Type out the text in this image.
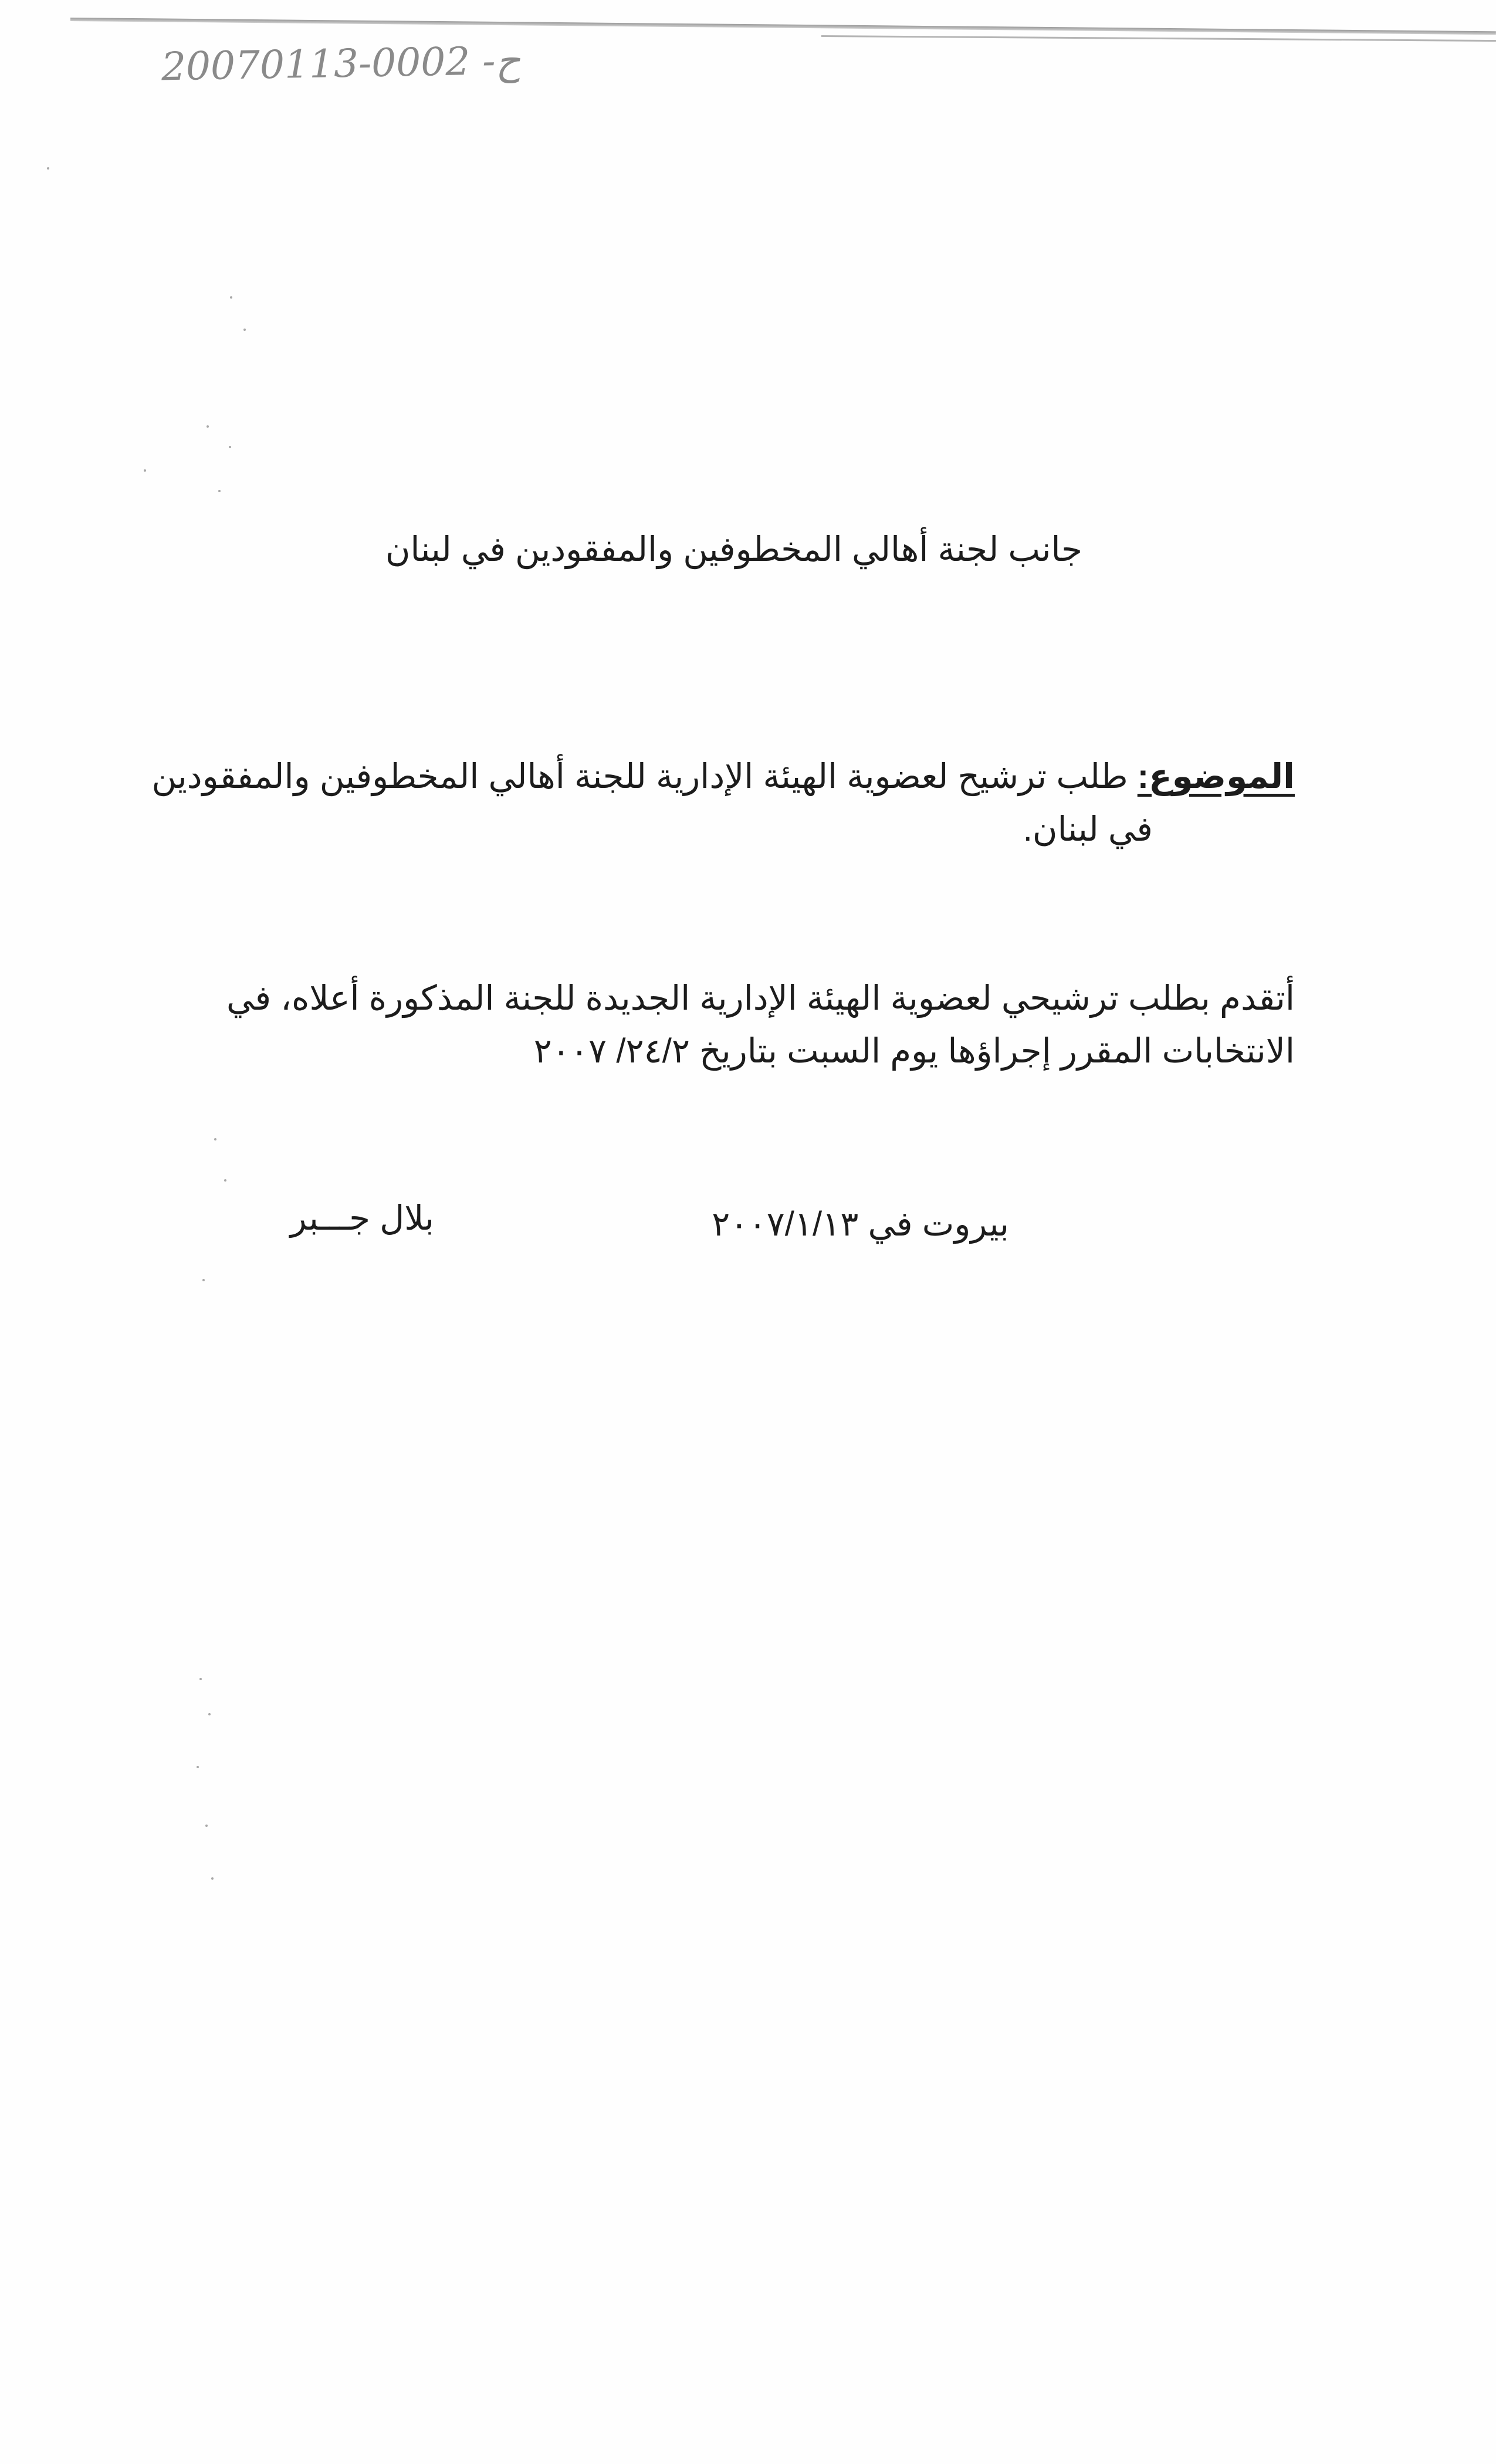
20070113-0002 -ح
جانب لجنة أهالي المخطوفين والمفقودين في لبنان
الموضوع: طلب ترشيح لعضوية الهيئة الإدارية للجنة أهالي المخطوفين والمفقودين
في لبنان.
أتقدم بطلب ترشيحي لعضوية الهيئة الإدارية الجديدة للجنة المذكورة أعلاه، في
الانتخابات المقرر إجراؤها يوم السبت بتاريخ ٢٤/٢/ ٢٠٠٧
بيروت في ٢٠٠٧/١/١٣
بلال جـــبر
